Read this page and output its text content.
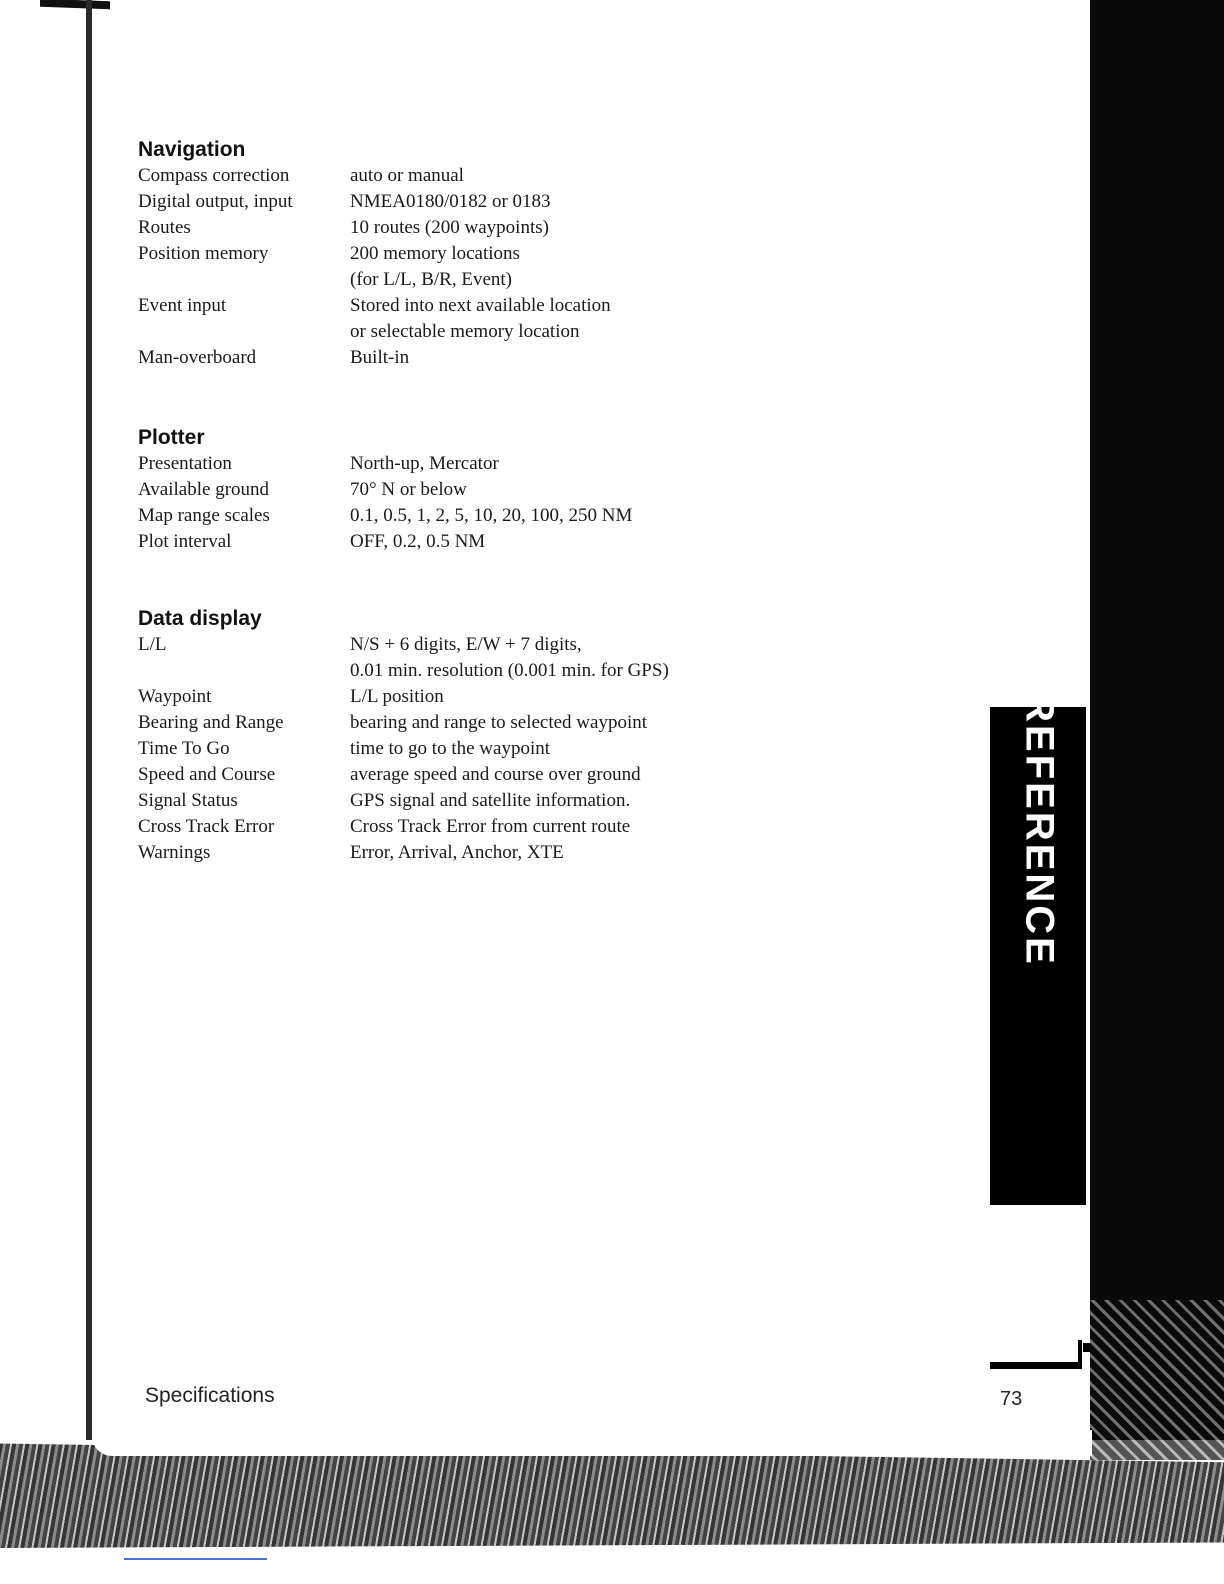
Navigation
Compass correction	auto or manual
Digital output, input	NMEA0180/0182 or 0183
Routes	10 routes (200 waypoints)
Position memory	200 memory locations
(for L/L, B/R, Event)
Event input	Stored into next available location
or selectable memory location
Man-overboard	Built-in
Plotter
Presentation	North-up, Mercator
Available ground	70° N or below
Map range scales	0.1, 0.5, 1, 2, 5, 10, 20, 100, 250 NM
Plot interval	OFF, 0.2, 0.5 NM
Data display
L/L	N/S + 6 digits, E/W + 7 digits,
0.01 min. resolution (0.001 min. for GPS)
Waypoint	L/L position
Bearing and Range	bearing and range to selected waypoint
Time To Go	time to go to the waypoint
Speed and Course	average speed and course over ground
Signal Status	GPS signal and satellite information.
Cross Track Error	Cross Track Error from current route
Warnings	Error, Arrival, Anchor, XTE	REFERENCE
Specifications	73
